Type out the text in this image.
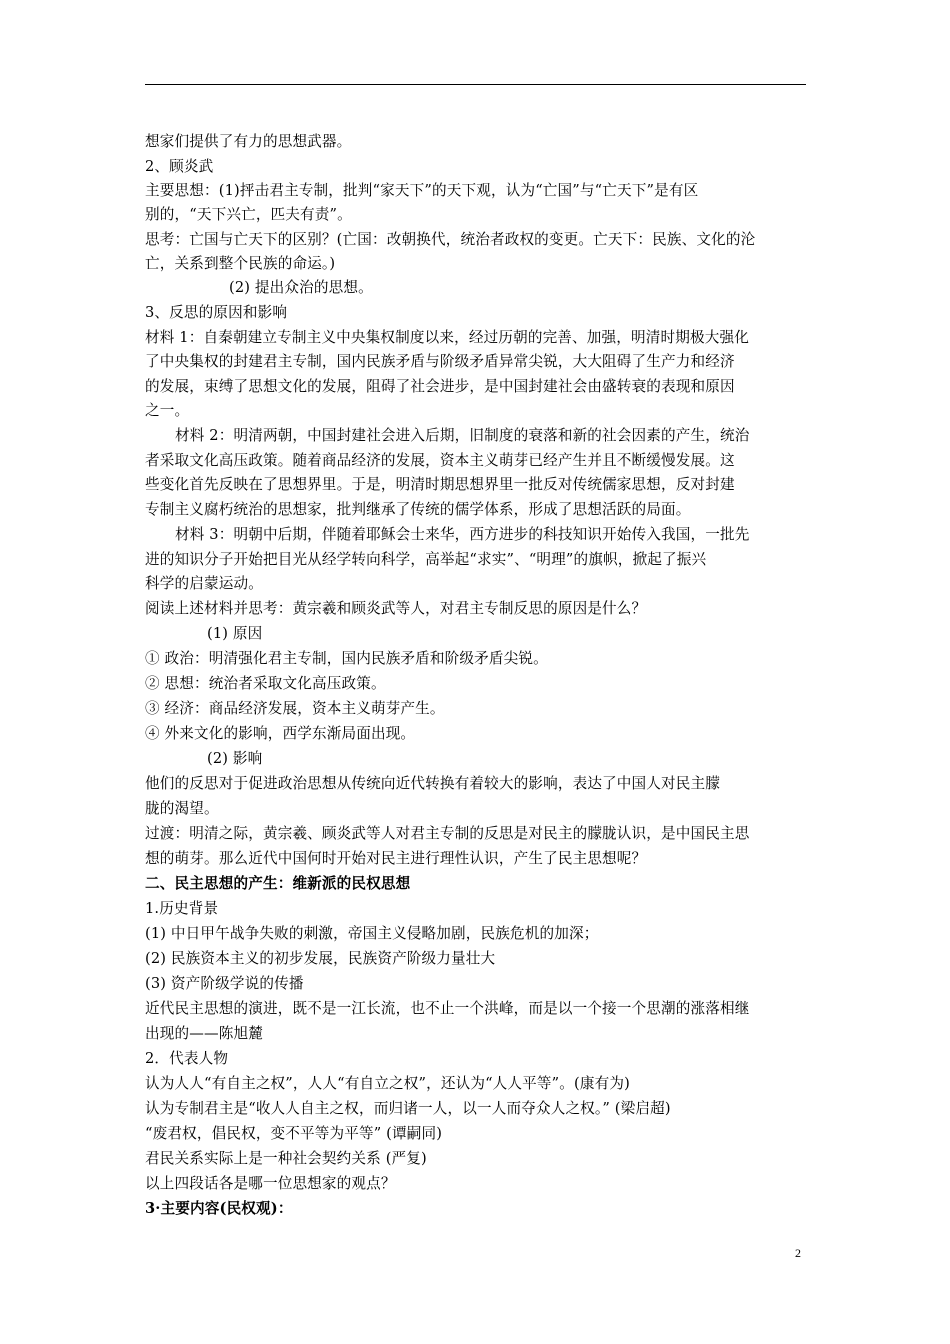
想家们提供了有力的思想武器。
2、顾炎武
主要思想：(1)抨击君主专制，批判“家天下”的天下观，认为“亡国”与“亡天下”是有区
别的，“天下兴亡，匹夫有责”。
思考：亡国与亡天下的区别？(亡国：改朝换代，统治者政权的变更。亡天下：民族、文化的沦
亡，关系到整个民族的命运。)
(2) 提出众治的思想。
3、反思的原因和影响
材料 1：自秦朝建立专制主义中央集权制度以来，经过历朝的完善、加强，明清时期极大强化
了中央集权的封建君主专制，国内民族矛盾与阶级矛盾异常尖锐，大大阻碍了生产力和经济
的发展，束缚了思想文化的发展，阻碍了社会进步，是中国封建社会由盛转衰的表现和原因
之一。
材料 2：明清两朝，中国封建社会进入后期，旧制度的衰落和新的社会因素的产生，统治
者采取文化高压政策。随着商品经济的发展，资本主义萌芽已经产生并且不断缓慢发展。这
些变化首先反映在了思想界里。于是，明清时期思想界里一批反对传统儒家思想，反对封建
专制主义腐朽统治的思想家，批判继承了传统的儒学体系，形成了思想活跃的局面。
材料 3：明朝中后期，伴随着耶稣会士来华，西方进步的科技知识开始传入我国，一批先
进的知识分子开始把目光从经学转向科学，高举起“求实”、“明理”的旗帜，掀起了振兴
科学的启蒙运动。
阅读上述材料并思考：黄宗羲和顾炎武等人，对君主专制反思的原因是什么？
(1) 原因
① 政治：明清强化君主专制，国内民族矛盾和阶级矛盾尖锐。
② 思想：统治者采取文化高压政策。
③ 经济：商品经济发展，资本主义萌芽产生。
④ 外来文化的影响，西学东渐局面出现。
(2) 影响
他们的反思对于促进政治思想从传统向近代转换有着较大的影响，表达了中国人对民主朦
胧的渴望。
过渡：明清之际，黄宗羲、顾炎武等人对君主专制的反思是对民主的朦胧认识，是中国民主思
想的萌芽。那么近代中国何时开始对民主进行理性认识，产生了民主思想呢？
二、民主思想的产生：维新派的民权思想
1.历史背景
(1) 中日甲午战争失败的刺激，帝国主义侵略加剧，民族危机的加深；
(2) 民族资本主义的初步发展，民族资产阶级力量壮大
(3) 资产阶级学说的传播
近代民主思想的演进，既不是一江长流，也不止一个洪峰，而是以一个接一个思潮的涨落相继
出现的——陈旭麓
2．代表人物
认为人人“有自主之权”，人人“有自立之权”，还认为“人人平等”。(康有为)
认为专制君主是“收人人自主之权，而归诸一人，以一人而夺众人之权。” (梁启超)
“废君权，倡民权，变不平等为平等” (谭嗣同)
君民关系实际上是一种社会契约关系 (严复)
以上四段话各是哪一位思想家的观点？
3·主要内容(民权观)：
2
